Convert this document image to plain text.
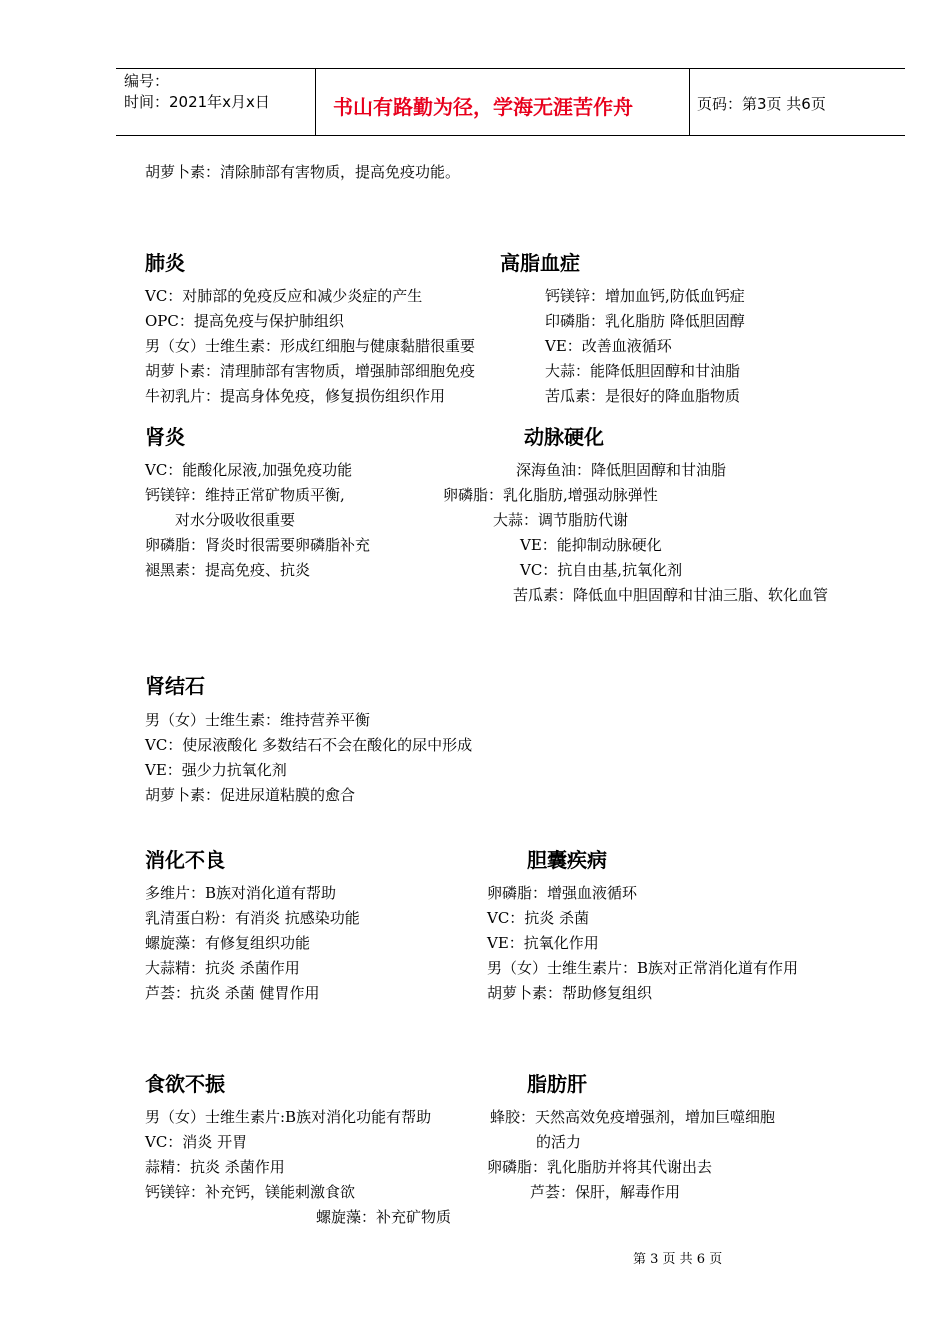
编号：
时间：2021年x月x日	书山有路勤为径，学海无涯苦作舟	页码：第3页 共6页
胡萝卜素：清除肺部有害物质，提高免疫功能。
肺炎
VC：对肺部的免疫反应和减少炎症的产生
OPC：提高免疫与保护肺组织
男（女）士维生素：形成红细胞与健康黏腊很重要
胡萝卜素：清理肺部有害物质，增强肺部细胞免疫
牛初乳片：提高身体免疫，修复损伤组织作用
高脂血症
钙镁锌：增加血钙,防低血钙症
印磷脂：乳化脂肪 降低胆固醇
VE：改善血液循环
大蒜：能降低胆固醇和甘油脂
苦瓜素：是很好的降血脂物质
肾炎
VC：能酸化尿液,加强免疫功能
钙镁锌：维持正常矿物质平衡,
对水分吸收很重要
卵磷脂：肾炎时很需要卵磷脂补充
褪黑素：提高免疫、抗炎
动脉硬化
深海鱼油：降低胆固醇和甘油脂
卵磷脂：乳化脂肪,增强动脉弹性
大蒜：调节脂肪代谢
VE：能抑制动脉硬化
VC：抗自由基,抗氧化剂
苦瓜素：降低血中胆固醇和甘油三脂、软化血管
肾结石
男（女）士维生素：维持营养平衡
VC：使尿液酸化 多数结石不会在酸化的尿中形成
VE：强少力抗氧化剂
胡萝卜素：促进尿道粘膜的愈合
消化不良
多维片：B族对消化道有帮助
乳清蛋白粉：有消炎 抗感染功能
螺旋藻：有修复组织功能
大蒜精：抗炎 杀菌作用
芦荟：抗炎 杀菌 健胃作用
胆囊疾病
卵磷脂：增强血液循环
VC：抗炎 杀菌
VE：抗氧化作用
男（女）士维生素片：B族对正常消化道有作用
胡萝卜素：帮助修复组织
食欲不振
男（女）士维生素片:B族对消化功能有帮助
VC：消炎 开胃
蒜精：抗炎 杀菌作用
钙镁锌：补充钙，镁能刺激食欲
螺旋藻：补充矿物质
脂肪肝
蜂胶：天然高效免疫增强剂，增加巨噬细胞
的活力
卵磷脂：乳化脂肪并将其代谢出去
芦荟：保肝，解毒作用
第 3 页 共 6 页
